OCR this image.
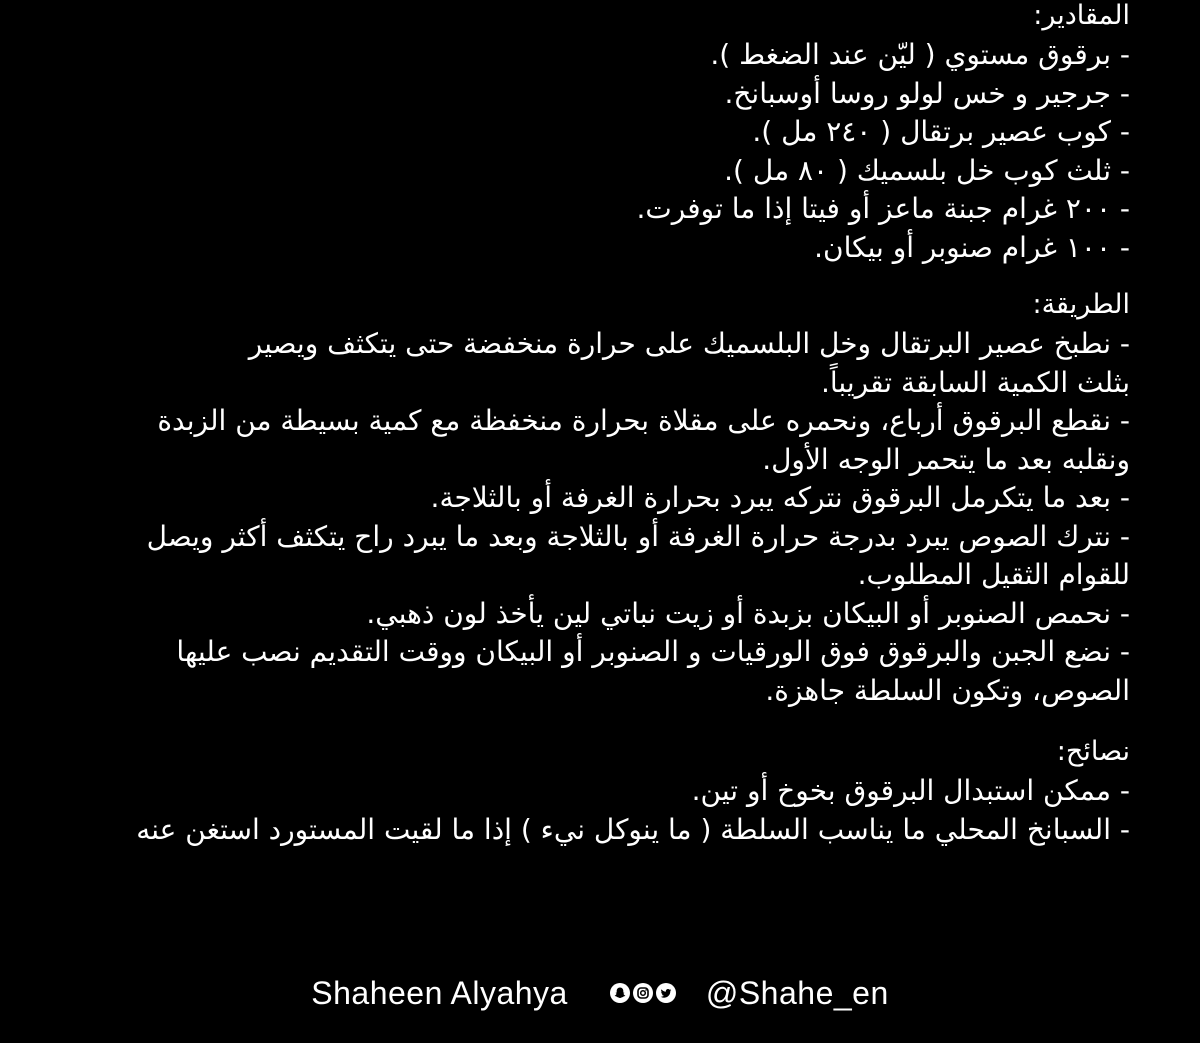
المقادير:
- برقوق مستوي ( ليّن عند الضغط ).
- جرجير و خس لولو روسا أوسبانخ.
- كوب عصير برتقال ( ٢٤٠ مل ).
- ثلث كوب خل بلسميك ( ٨٠ مل ).
- ٢٠٠ غرام جبنة ماعز أو فيتا إذا ما توفرت.
- ١٠٠ غرام صنوبر أو بيكان.
الطريقة:
- نطبخ عصير البرتقال وخل البلسميك على حرارة منخفضة حتى يتكثف ويصير
بثلث الكمية السابقة تقريباً.
- نقطع البرقوق أرباع، ونحمره على مقلاة بحرارة منخفظة مع كمية بسيطة من الزبدة
ونقلبه بعد ما يتحمر الوجه الأول.
- بعد ما يتكرمل البرقوق نتركه يبرد بحرارة الغرفة أو بالثلاجة.
- نترك الصوص يبرد بدرجة حرارة الغرفة أو بالثلاجة وبعد ما يبرد راح يتكثف أكثر ويصل
للقوام الثقيل المطلوب.
- نحمص الصنوبر أو البيكان بزبدة أو زيت نباتي لين يأخذ لون ذهبي.
- نضع الجبن والبرقوق فوق الورقيات و الصنوبر أو البيكان ووقت التقديم نصب عليها
الصوص، وتكون السلطة جاهزة.
نصائح:
- ممكن استبدال البرقوق بخوخ أو تين.
- السبانخ المحلي ما يناسب السلطة ( ما ينوكل نيء ) إذا ما لقيت المستورد استغن عنه
Shaheen Alyahya	@Shahe_en
